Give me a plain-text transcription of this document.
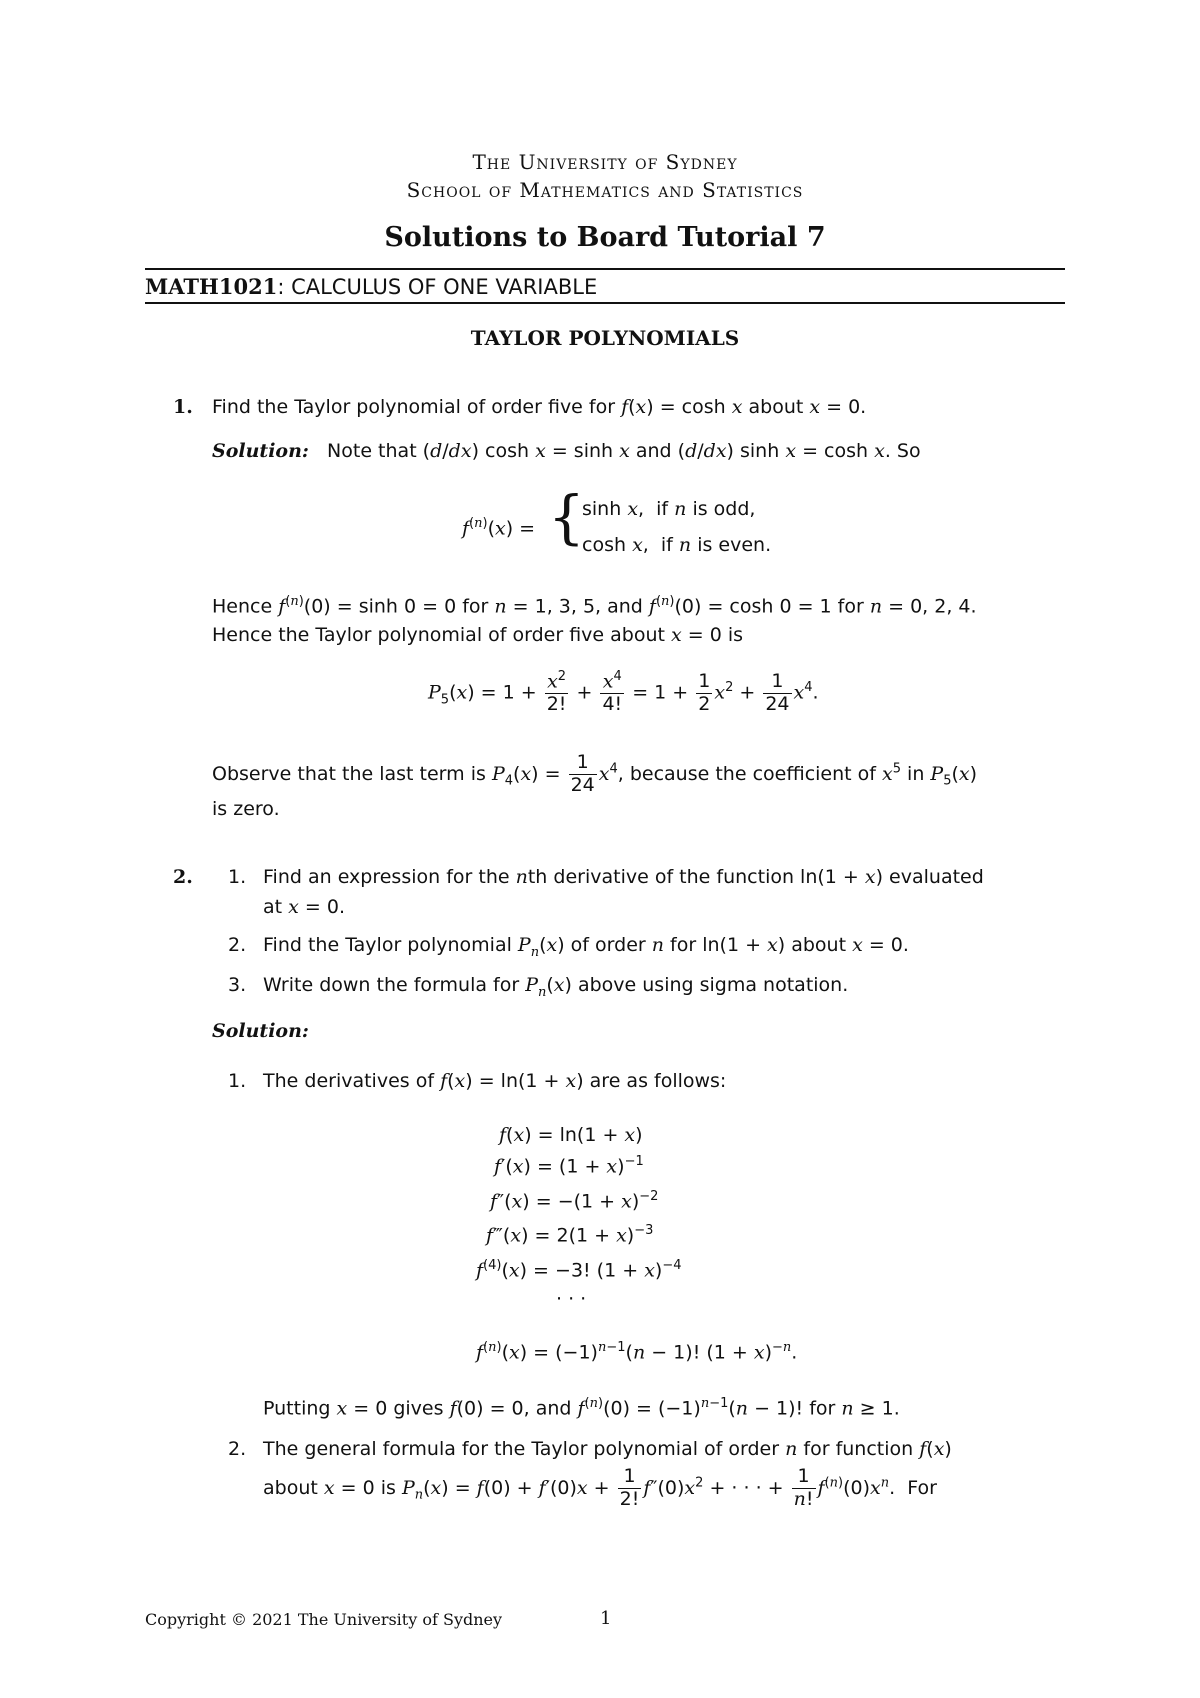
The University of Sydney
School of Mathematics and Statistics
Solutions to Board Tutorial 7
MATH1021: CALCULUS OF ONE VARIABLE
TAYLOR POLYNOMIALS
1. Find the Taylor polynomial of order five for f(x) = cosh x about x = 0.
Solution:   Note that (d/dx) cosh x = sinh x and (d/dx) sinh x = cosh x. So
$f^{(n)}(x)$ = {
sinh x,  if n is odd,
cosh x,  if n is even.
Hence $f^{(n)}(0) = \sinh 0 = 0$ for n = 1, 3, 5, and $f^{(n)}(0) = \cosh 0 = 1$ for n = 0, 2, 4.
Hence the Taylor polynomial of order five about x = 0 is
$P_5(x) = 1 + \frac{x^2}{2!} + \frac{x^4}{4!} = 1 + \frac{1}{2} x^2 + \frac{1}{24} x^4$.
Observe that the last term is $P_4(x) = \frac{1}{24} x^4$, because the coefficient of $x^5$ in $P_5(x)$
is zero.
2. 1. Find an expression for the nth derivative of the function ln(1 + x) evaluated
at x = 0.
2. Find the Taylor polynomial $P_n(x)$ of order n for ln(1 + x) about x = 0.
3. Write down the formula for $P_n(x)$ above using sigma notation.
Solution:
1. The derivatives of f(x) = ln(1 + x) are as follows:
f(x) = ln(1 + x)
$f'(x) = (1 + x)^{-1}$
$f''(x) = -(1 + x)^{-2}$
f‴(x) = $2(1 + x)^{-3}$
$f^{(4)}(x) = -3$! $(1 + x)^{-4}$
· · ·
$f^{(n)}(x) = (-1)^{n-1}(n - 1)$! $(1 + x)^{-n}$.
Putting x = 0 gives f(0) = 0, and $f^{(n)}(0) = (-1)^{n-1}(n - 1)$! for n ≥ 1.
2. The general formula for the Taylor polynomial of order n for function f(x)
about x = 0 is $P_n(x) = f(0) + f'(0)x + \frac{1}{2!} f''(0)x^2$ + · · · + $\frac{1}{n!} f^{(n)}(0)x^n$.  For
Copyright © 2021 The University of Sydney	1
